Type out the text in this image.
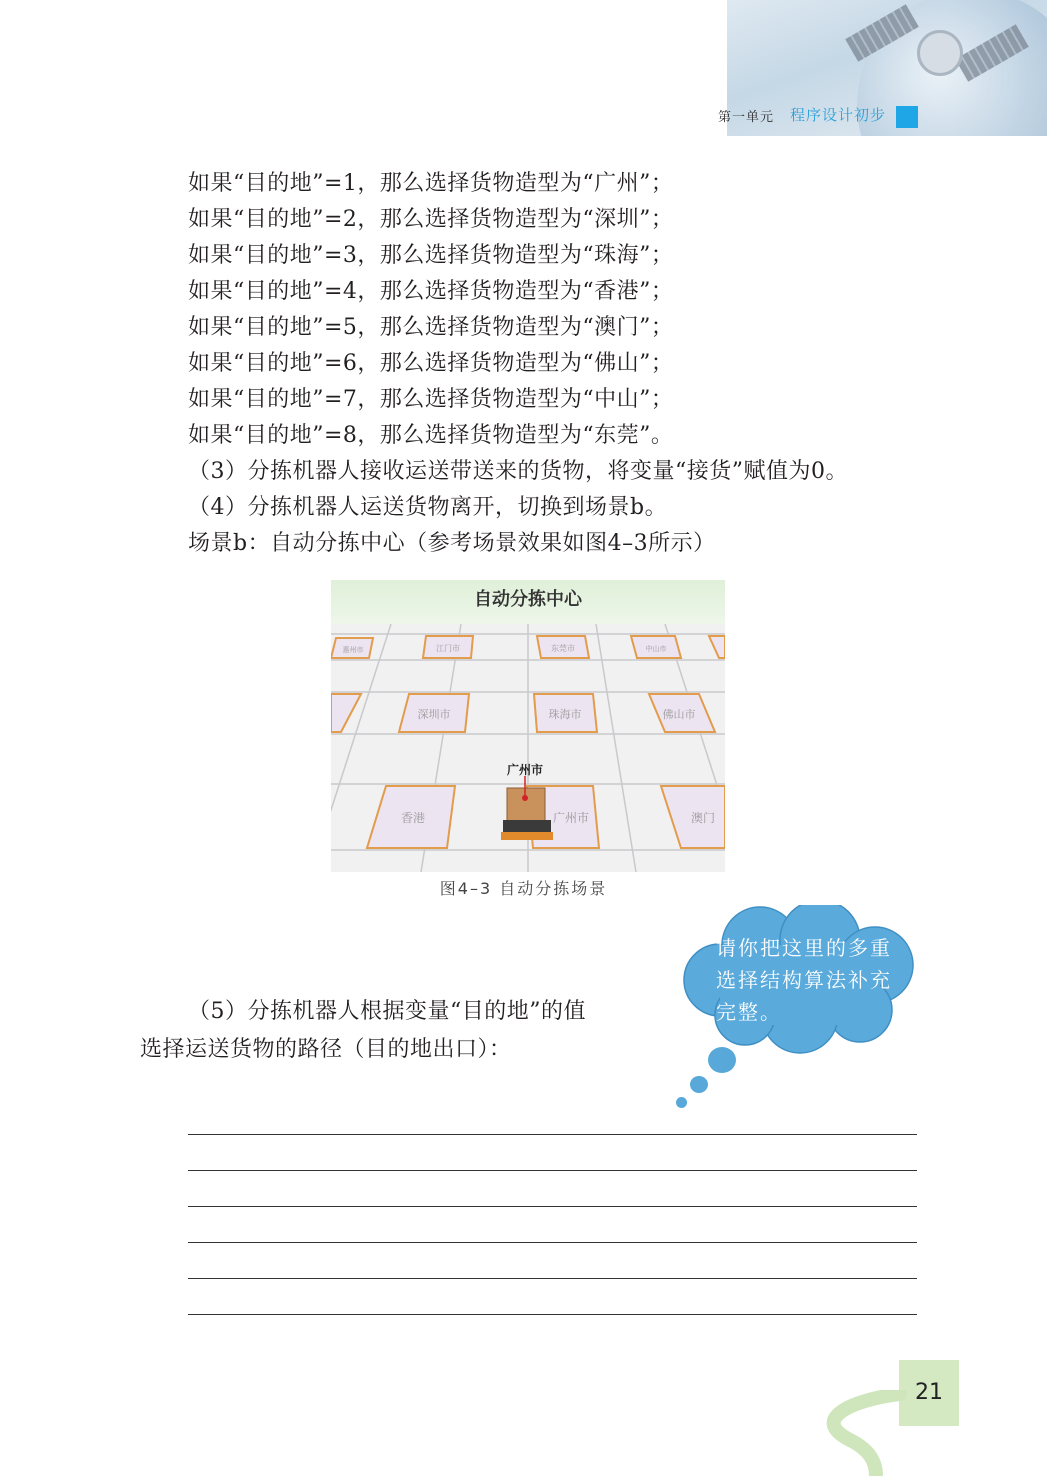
第一单元 程序设计初步
如果“目的地”=1，那么选择货物造型为“广州”；
如果“目的地”=2，那么选择货物造型为“深圳”；
如果“目的地”=3，那么选择货物造型为“珠海”；
如果“目的地”=4，那么选择货物造型为“香港”；
如果“目的地”=5，那么选择货物造型为“澳门”；
如果“目的地”=6，那么选择货物造型为“佛山”；
如果“目的地”=7，那么选择货物造型为“中山”；
如果“目的地”=8，那么选择货物造型为“东莞”。
（3）分拣机器人接收运送带送来的货物，将变量“接货”赋值为0。
（4）分拣机器人运送货物离开，切换到场景b。
场景b：自动分拣中心（参考场景效果如图4–3所示）
自动分拣中心
惠州市	江门市	东莞市	中山市
深圳市	珠海市	佛山市
香港	广州市	澳门
广州市
图4–3 自动分拣场景
（5）分拣机器人根据变量“目的地”的值
选择运送货物的路径（目的地出口）：
请你把这里的多重选择结构算法补充完整。
21
